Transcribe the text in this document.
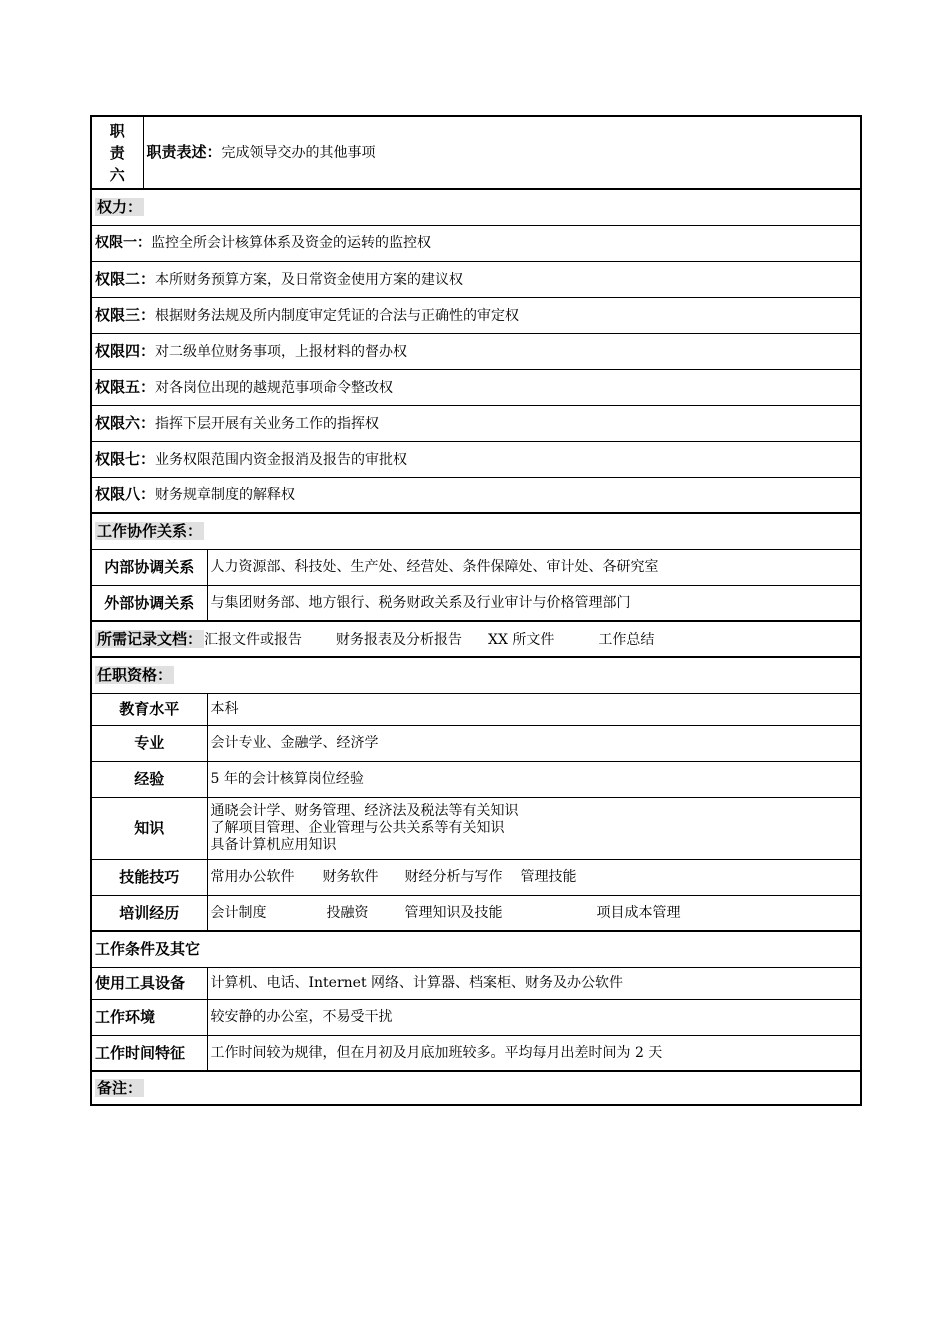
职
责
六	职责表述：完成领导交办的其他事项	
权力：		
权限一：监控全所会计核算体系及资金的运转的监控权		
权限二：本所财务预算方案，及日常资金使用方案的建议权		
权限三：根据财务法规及所内制度审定凭证的合法与正确性的审定权		
权限四：对二级单位财务事项，上报材料的督办权		
权限五：对各岗位出现的越规范事项命令整改权		
权限六：指挥下层开展有关业务工作的指挥权		
权限七：业务权限范围内资金报消及报告的审批权		
权限八：财务规章制度的解释权		
工作协作关系：		
内部协调关系		人力资源部、科技处、生产处、经营处、条件保障处、审计处、各研究室
外部协调关系		与集团财务部、地方银行、税务财政关系及行业审计与价格管理部门
所需记录文档： 汇报文件或报告 财务报表及分析报告 XX 所文件 工作总结		
任职资格：		
教育水平		本科
专业		会计专业、金融学、经济学
经验		5 年的会计核算岗位经验
知识		通晓会计学、财务管理、经济法及税法等有关知识
了解项目管理、企业管理与公共关系等有关知识
具备计算机应用知识

技能技巧		常用办公软件 财务软件 财经分析与写作 管理技能
培训经历		会计制度 投融资 管理知识及技能 项目成本管理
工作条件及其它		
使用工具设备		计算机、电话、Internet 网络、计算器、档案柜、财务及办公软件
工作环境		较安静的办公室，不易受干扰
工作时间特征		工作时间较为规律，但在月初及月底加班较多。平均每月出差时间为 2 天
备注：		
